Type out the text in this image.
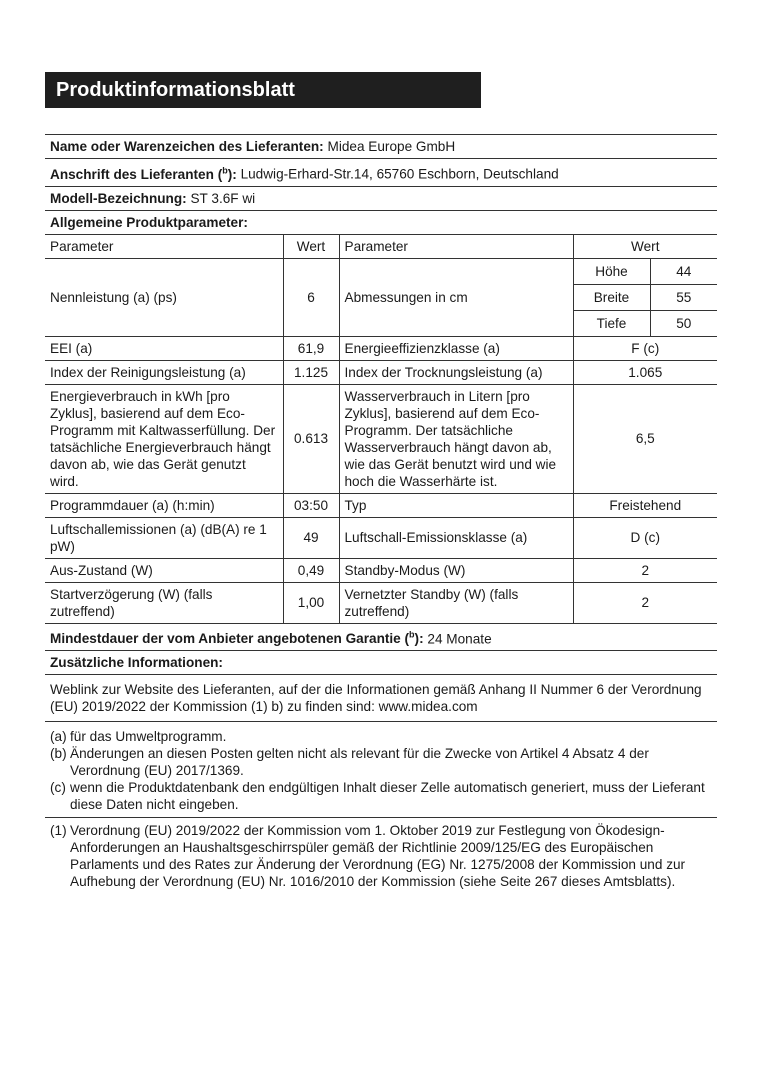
Produktinformationsblatt
Name oder Warenzeichen des Lieferanten: Midea Europe GmbH				
Anschrift des Lieferanten ($^b$): Ludwig-Erhard-Str.14, 65760 Eschborn, Deutschland				
Modell-Bezeichnung: ST 3.6F wi				
Allgemeine Produktparameter:				
Parameter	Wert	Parameter	Wert	
Nennleistung (a) (ps)	6	Abmessungen in cm	Höhe	44
			Breite	55
			Tiefe	50
EEI (a)	61,9	Energieeffizienzklasse (a)	F (c)	
Index der Reinigungsleistung (a)	1.125	Index der Trocknungsleistung (a)	1.065	
Energieverbrauch in kWh [pro Zyklus], basierend auf dem Eco-Programm mit Kaltwasserfüllung. Der tatsächliche Energieverbrauch hängt davon ab, wie das Gerät genutzt wird.	0.613	Wasserverbrauch in Litern [pro Zyklus], basierend auf dem Eco-Programm. Der tatsächliche Wasserverbrauch hängt davon ab, wie das Gerät benutzt wird und wie hoch die Wasserhärte ist.	6,5	
Programmdauer (a) (h:min)	03:50	Typ	Freistehend	
Luftschallemissionen (a) (dB(A) re 1 pW)	49	Luftschall-Emissionsklasse (a)	D (c)	
Aus-Zustand (W)	0,49	Standby-Modus (W)	2	
Startverzögerung (W) (falls zutreffend)	1,00	Vernetzter Standby (W) (falls zutreffend)	2	
Mindestdauer der vom Anbieter angebotenen Garantie ($^b$): 24 Monate				
Zusätzliche Informationen:				
Weblink zur Website des Lieferanten, auf der die Informationen gemäß Anhang II Nummer 6 der Verordnung (EU) 2019/2022 der Kommission (1) b) zu finden sind: www.midea.com				
(a) für das Umweltprogramm.
(b) Änderungen an diesen Posten gelten nicht als relevant für die Zwecke von Artikel 4 Absatz 4 der Verordnung (EU) 2017/1369.
(c) wenn die Produktdatenbank den endgültigen Inhalt dieser Zelle automatisch generiert, muss der Lieferant diese Daten nicht eingeben.
(1) Verordnung (EU) 2019/2022 der Kommission vom 1. Oktober 2019 zur Festlegung von Ökodesign-Anforderungen an Haushaltsgeschirrspüler gemäß der Richtlinie 2009/125/EG des Europäischen Parlaments und des Rates zur Änderung der Verordnung (EG) Nr. 1275/2008 der Kommission und zur Aufhebung der Verordnung (EU) Nr. 1016/2010 der Kommission (siehe Seite 267 dieses Amtsblatts).
